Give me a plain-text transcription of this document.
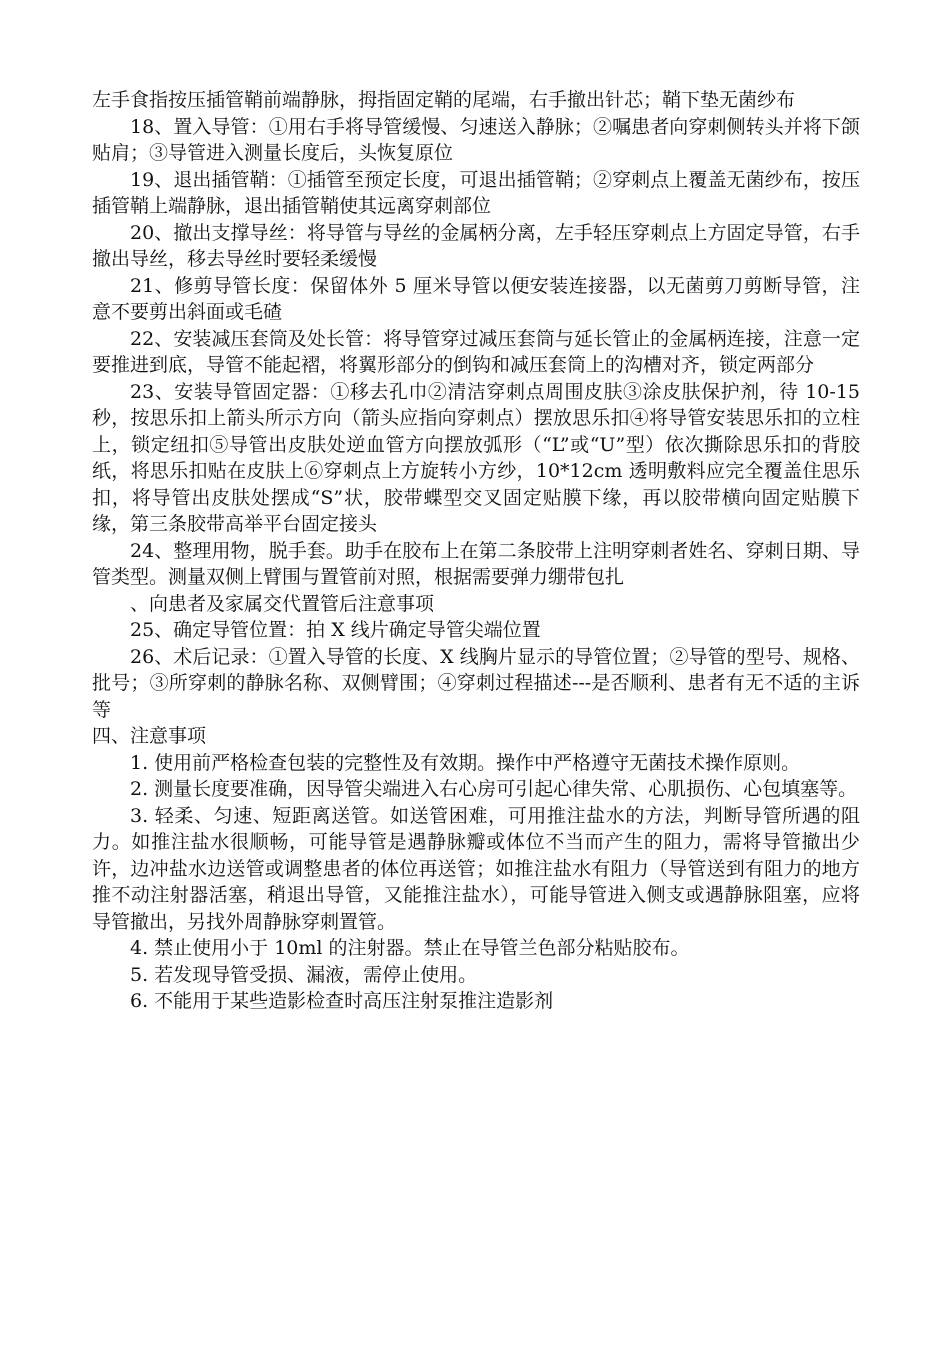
左手食指按压插管鞘前端静脉，拇指固定鞘的尾端，右手撤出针芯；鞘下垫无菌纱布

18、置入导管：①用右手将导管缓慢、匀速送入静脉；②嘱患者向穿刺侧转头并将下颌贴肩；③导管进入测量长度后，头恢复原位

19、退出插管鞘：①插管至预定长度，可退出插管鞘；②穿刺点上覆盖无菌纱布，按压插管鞘上端静脉，退出插管鞘使其远离穿刺部位

20、撤出支撑导丝：将导管与导丝的金属柄分离，左手轻压穿刺点上方固定导管，右手撤出导丝，移去导丝时要轻柔缓慢

21、修剪导管长度：保留体外 5 厘米导管以便安装连接器，以无菌剪刀剪断导管，注意不要剪出斜面或毛碴

22、安装减压套筒及处长管：将导管穿过减压套筒与延长管止的金属柄连接，注意一定要推进到底，导管不能起褶，将翼形部分的倒钩和减压套筒上的沟槽对齐，锁定两部分

23、安装导管固定器：①移去孔巾②清洁穿刺点周围皮肤③涂皮肤保护剂，待 10-15 秒，按思乐扣上箭头所示方向（箭头应指向穿刺点）摆放思乐扣④将导管安装思乐扣的立柱上，锁定纽扣⑤导管出皮肤处逆血管方向摆放弧形（“L”或“U”型）依次撕除思乐扣的背胶纸，将思乐扣贴在皮肤上⑥穿刺点上方旋转小方纱，10*12cm 透明敷料应完全覆盖住思乐扣，将导管出皮肤处摆成“S”状，胶带蝶型交叉固定贴膜下缘，再以胶带横向固定贴膜下缘，第三条胶带高举平台固定接头

24、整理用物，脱手套。助手在胶布上在第二条胶带上注明穿刺者姓名、穿刺日期、导管类型。测量双侧上臂围与置管前对照，根据需要弹力绷带包扎

、向患者及家属交代置管后注意事项

25、确定导管位置：拍 X 线片确定导管尖端位置

26、术后记录：①置入导管的长度、X 线胸片显示的导管位置；②导管的型号、规格、批号；③所穿刺的静脉名称、双侧臂围；④穿刺过程描述---是否顺利、患者有无不适的主诉等

四、注意事项

1. 使用前严格检查包装的完整性及有效期。操作中严格遵守无菌技术操作原则。

2. 测量长度要准确，因导管尖端进入右心房可引起心律失常、心肌损伤、心包填塞等。

3. 轻柔、匀速、短距离送管。如送管困难，可用推注盐水的方法，判断导管所遇的阻力。如推注盐水很顺畅，可能导管是遇静脉瓣或体位不当而产生的阻力，需将导管撤出少许，边冲盐水边送管或调整患者的体位再送管；如推注盐水有阻力（导管送到有阻力的地方推不动注射器活塞，稍退出导管，又能推注盐水），可能导管进入侧支或遇静脉阻塞，应将导管撤出，另找外周静脉穿刺置管。

4. 禁止使用小于 10ml 的注射器。禁止在导管兰色部分粘贴胶布。

5. 若发现导管受损、漏液，需停止使用。

6. 不能用于某些造影检查时高压注射泵推注造影剂
